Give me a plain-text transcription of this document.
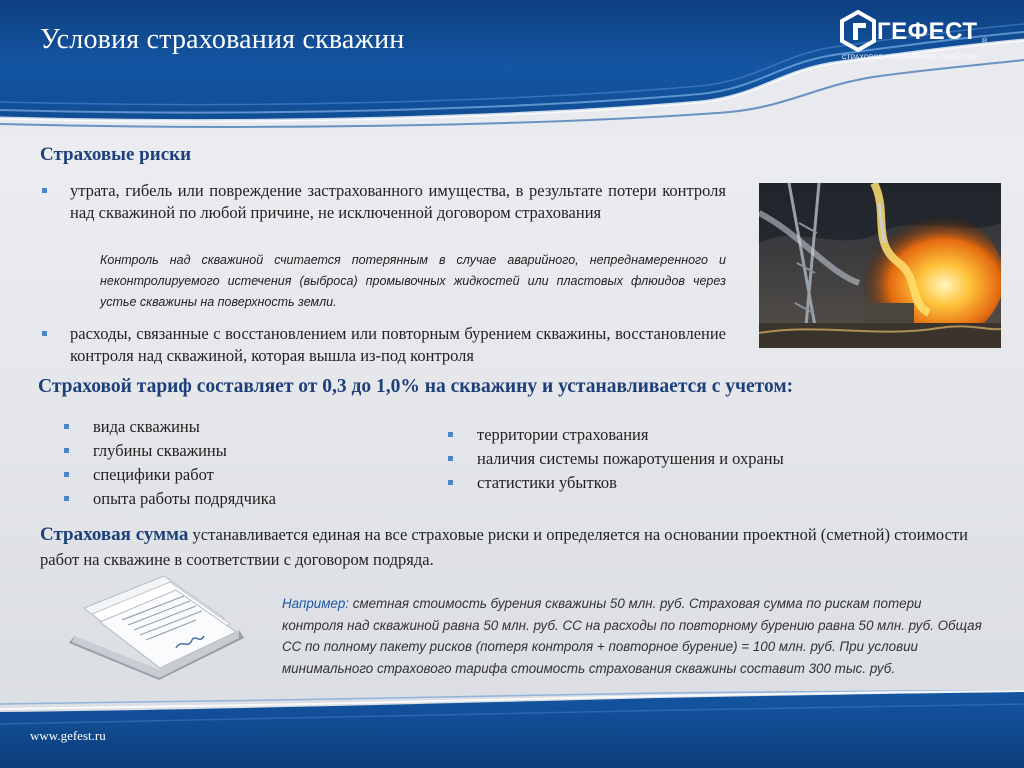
Условия страхования скважин	ГЕФЕСТ ®
СТРАХОВОЕ АКЦИОНЕРНОЕ ОБЩЕСТВО
Страховые риски
утрата, гибель или повреждение застрахованного имущества, в результате потери контроля над скважиной по любой причине, не исключенной договором страхования
Контроль над скважиной считается потерянным в случае аварийного, непреднамеренного и неконтролируемого истечения (выброса) промывочных жидкостей или пластовых флюидов через устье скважины на поверхность земли.
расходы, связанные с восстановлением или повторным бурением скважины, восстановление контроля над скважиной, которая вышла из-под контроля
Страховой тариф составляет от 0,3 до 1,0% на скважину и устанавливается с учетом:
вида скважины
глубины скважины
специфики работ
опыта работы подрядчика
территории страхования
наличия системы пожаротушения и охраны
статистики убытков
Страховая сумма устанавливается единая на все страховые риски и определяется на основании проектной (сметной) стоимости работ на скважине в соответствии с договором подряда.
Например: сметная стоимость бурения скважины 50 млн. руб. Страховая сумма по рискам потери контроля над скважиной равна 50 млн. руб. СС на расходы по повторному бурению равна 50 млн. руб. Общая СС по полному пакету рисков (потеря контроля + повторное бурение) = 100 млн. руб. При условии минимального страхового тарифа стоимость страхования скважины составит 300 тыс. руб.
www.gefest.ru
